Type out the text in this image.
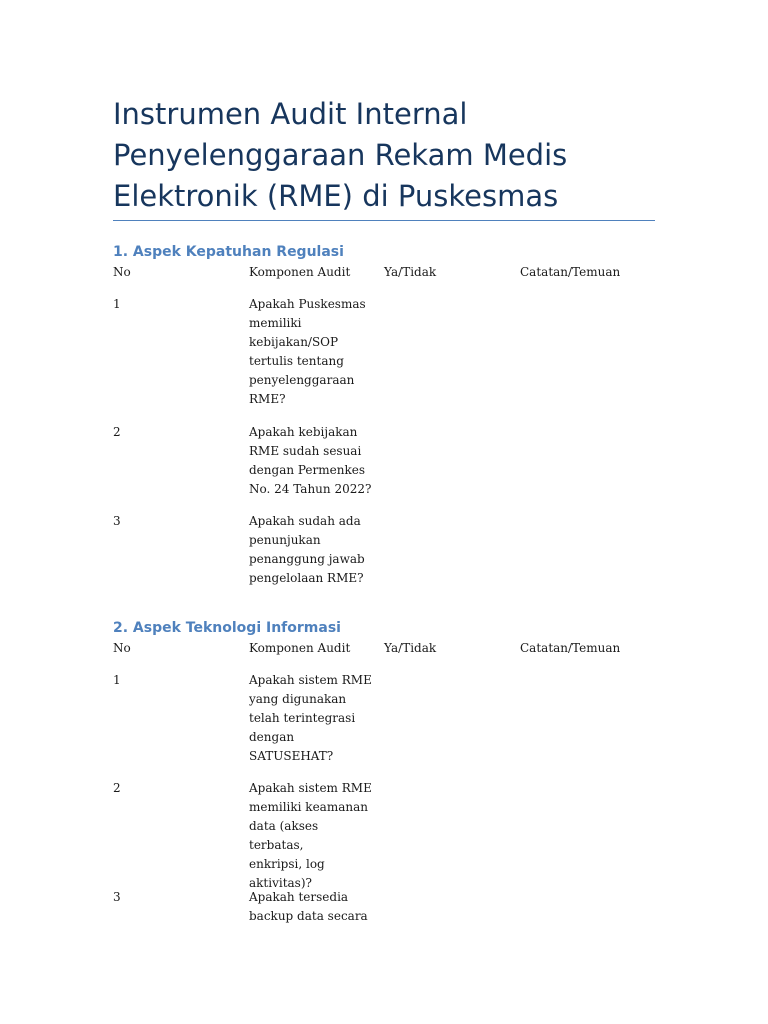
Instrumen Audit Internal
Penyelenggaraan Rekam Medis
Elektronik (RME) di Puskesmas
1. Aspek Kepatuhan Regulasi
No	Komponen Audit	Ya/Tidak	Catatan/Temuan
1	Apakah Puskesmas
memiliki
kebijakan/SOP
tertulis tentang
penyelenggaraan
RME?
2	Apakah kebijakan
RME sudah sesuai
dengan Permenkes
No. 24 Tahun 2022?
3	Apakah sudah ada
penunjukan
penanggung jawab
pengelolaan RME?
2. Aspek Teknologi Informasi
No	Komponen Audit	Ya/Tidak	Catatan/Temuan
1	Apakah sistem RME
yang digunakan
telah terintegrasi
dengan
SATUSEHAT?
2	Apakah sistem RME
memiliki keamanan
data (akses terbatas,
enkripsi, log
aktivitas)?
3	Apakah tersedia
backup data secara
